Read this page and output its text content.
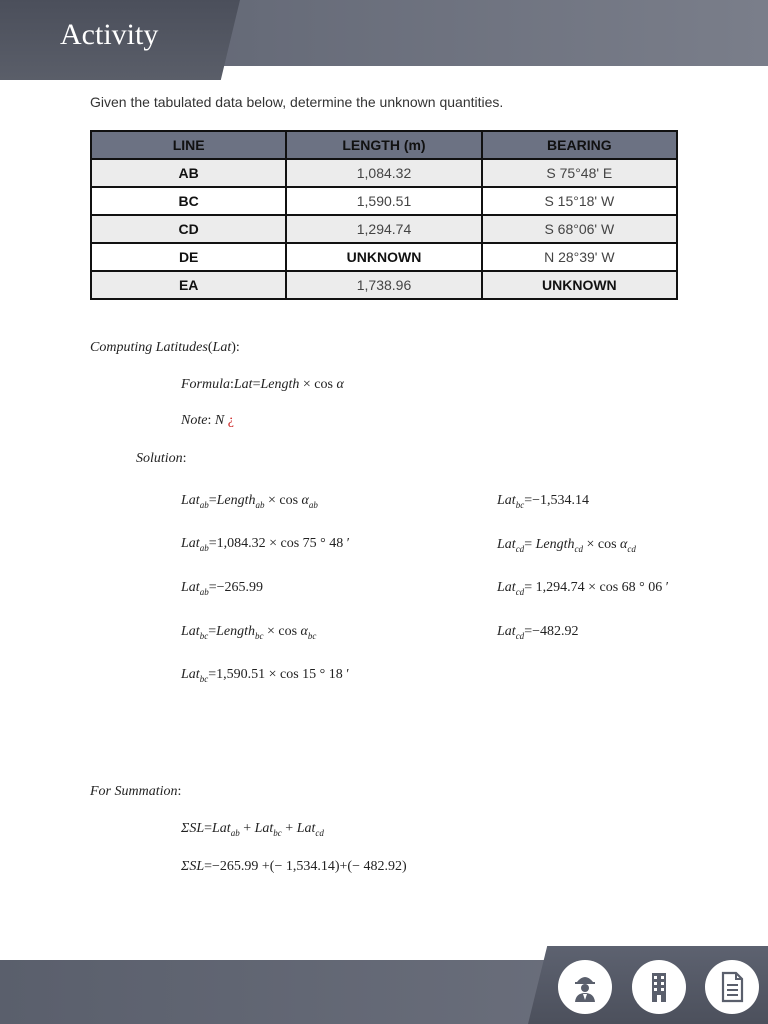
Activity

Given the tabulated data below, determine the unknown quantities.

LINE	LENGTH (m)	BEARING
AB	1,084.32	S 75°48' E
BC	1,590.51	S 15°18' W
CD	1,294.74	S 68°06' W
DE	UNKNOWN	N 28°39' W
EA	1,738.96	UNKNOWN

Computing Latitudes(Lat):

Formula:Lat=Length × cos α

Note: N ¿

Solution:

Lat$_{ab}$=Length$_{ab}$ × $\cos \alpha_{ab}$

Lat$_{ab}$=1,084.32 × cos 75 ° 48 ′

Lat$_{ab}$=−265.99

Lat$_{bc}$=Length$_{bc}$ × $\cos \alpha_{bc}$

Lat$_{bc}$=1,590.51 × cos 15 ° 18 ′

Lat$_{bc}$=−1,534.14

Lat$_{cd}$= Length$_{cd}$ × $\cos \alpha_{cd}$

Lat$_{cd}$= 1,294.74 × cos 68 ° 06 ′

Lat$_{cd}$=−482.92

For Summation:

ΣSL=Lat$_{ab}$ + Lat$_{bc}$ + Lat$_{cd}$

ΣSL=−265.99 +(− 1,534.14)+(− 482.92)
